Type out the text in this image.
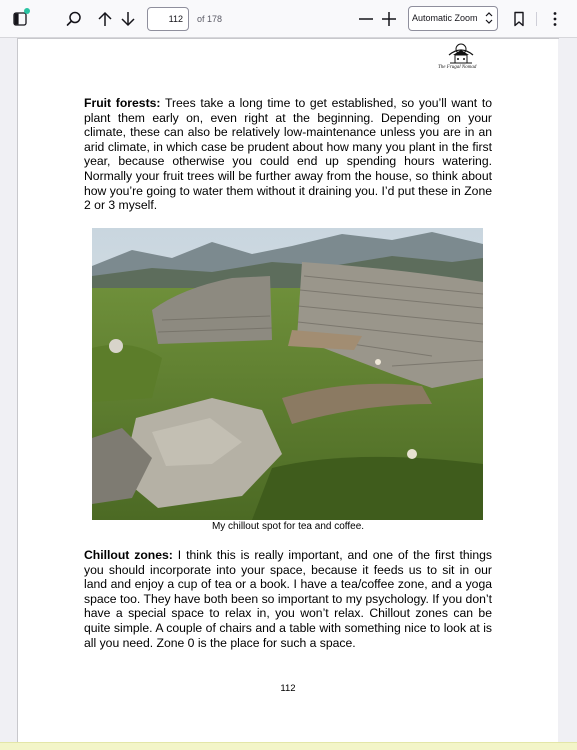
112	of 178	Automatic Zoom
The Frugal Nomad

Fruit forests: Trees take a long time to get established, so you’ll want to plant them early on, even right at the beginning. Depending on your climate, these can also be relatively low-maintenance unless you are in an arid climate, in which case be prudent about how many you plant in the first year, because otherwise you could end up spending hours watering. Normally your fruit trees will be further away from the house, so think about how you’re going to water them without it draining you. I’d put these in Zone 2 or 3 myself.

My chillout spot for tea and coffee.

Chillout zones: I think this is really important, and one of the first things you should incorporate into your space, because it feeds us to sit in our land and enjoy a cup of tea or a book. I have a tea/coffee zone, and a yoga space too. They have both been so important to my psychology. If you don’t have a special space to relax in, you won’t relax. Chillout zones can be quite simple. A couple of chairs and a table with something nice to look at is all you need. Zone 0 is the place for such a space.

112
